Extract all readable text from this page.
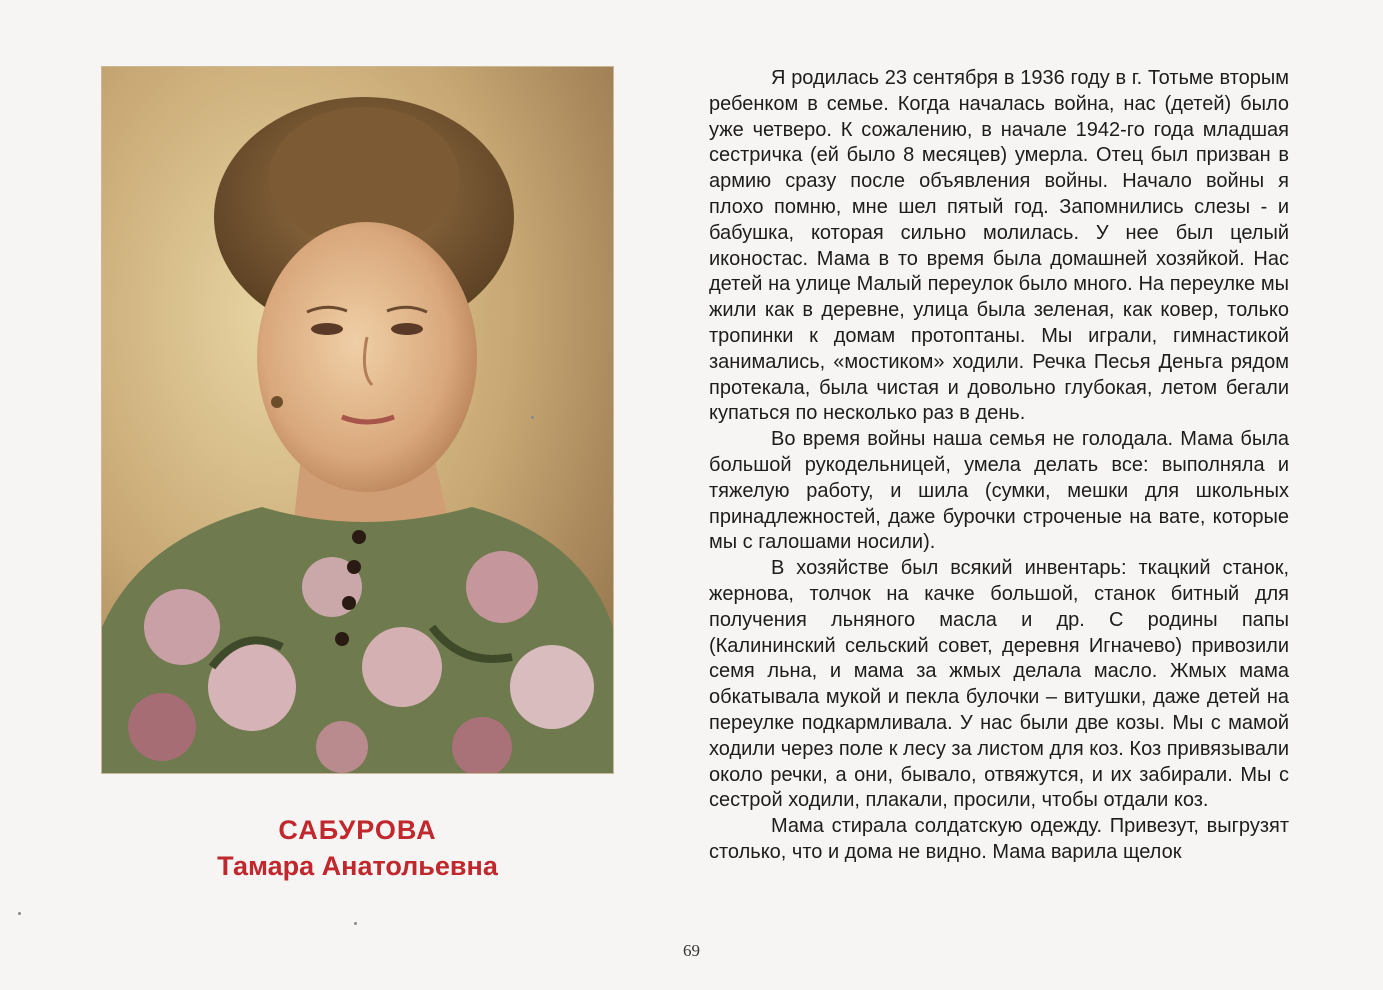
САБУРОВА
Тамара Анатольевна

Я родилась 23 сентября в 1936 году в г. Тотьме вторым ребенком в семье. Когда началась война, нас (детей) было уже четверо. К сожалению, в начале 1942-го года младшая сестричка (ей было 8 месяцев) умерла. Отец был призван в армию сразу после объявления войны. Начало войны я плохо помню, мне шел пятый год. Запомнились слезы - и бабушка, которая сильно молилась. У нее был целый иконостас. Мама в то время была домашней хозяйкой. Нас детей на улице Малый переулок было много. На переулке мы жили как в деревне, улица была зеленая, как ковер, только тропинки к домам протоптаны. Мы играли, гимнастикой занимались, «мостиком» ходили. Речка Песья Деньга рядом протекала, была чистая и довольно глубокая, летом бегали купаться по несколько раз в день.

Во время войны наша семья не голодала. Мама была большой рукодельницей, умела делать все: выполняла и тяжелую работу, и шила (сумки, мешки для школьных принадлежностей, даже бурочки строченые на вате, которые мы с галошами носили).

В хозяйстве был всякий инвентарь: ткацкий станок, жернова, толчок на качке большой, станок битный для получения льняного масла и др. С родины папы (Калининский сельский совет, деревня Игначево) привозили семя льна, и мама за жмых делала масло. Жмых мама обкатывала мукой и пекла булочки – витушки, даже детей на переулке подкармливала. У нас были две козы. Мы с мамой ходили через поле к лесу за листом для коз. Коз привязывали около речки, а они, бывало, отвяжутся, и их забирали. Мы с сестрой ходили, плакали, просили, чтобы отдали коз.

Мама стирала солдатскую одежду. Привезут, выгрузят столько, что и дома не видно. Мама варила щелок

69
